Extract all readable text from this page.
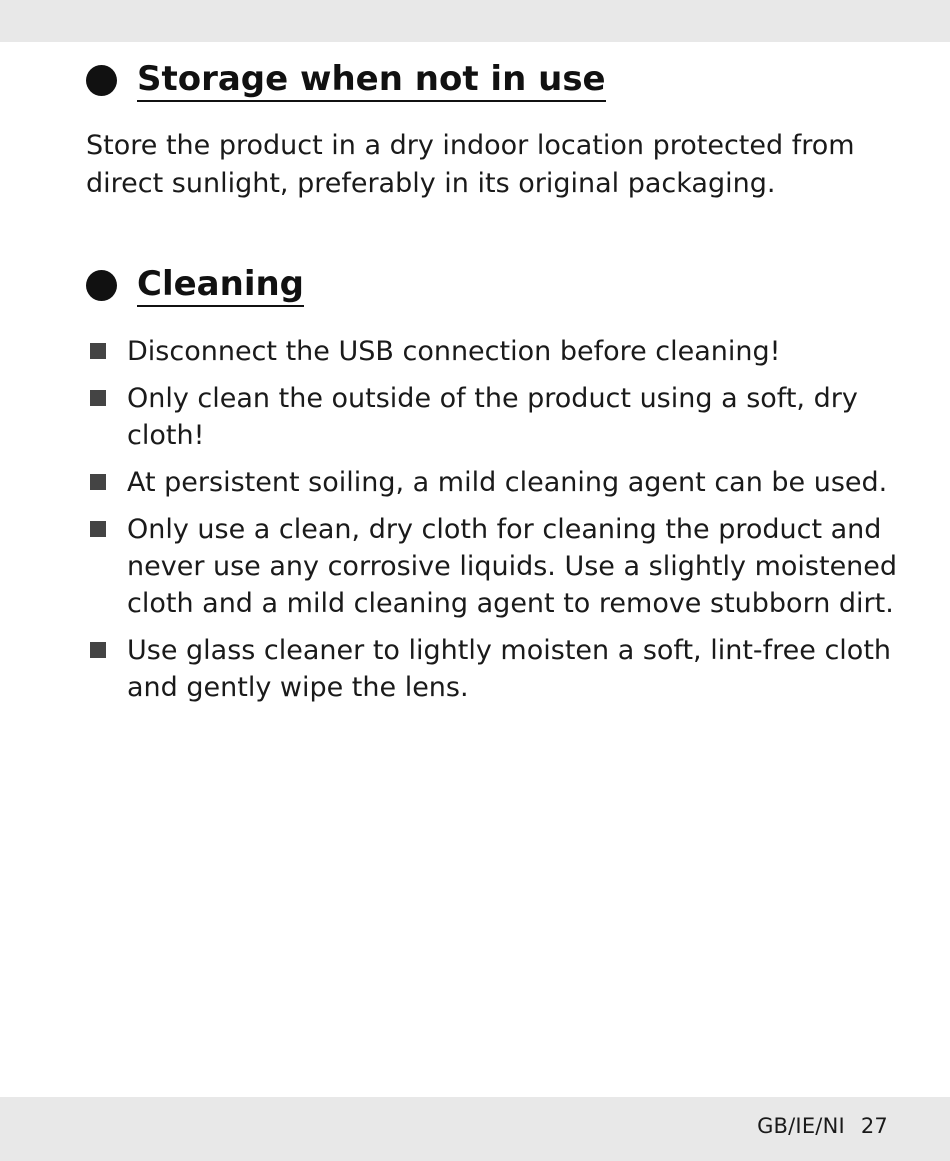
Storage when not in use
Store the product in a dry indoor location protected from direct sunlight, preferably in its original packaging.
Cleaning
Disconnect the USB connection before cleaning!
Only clean the outside of the product using a soft, dry cloth!
At persistent soiling, a mild cleaning agent can be used.
Only use a clean, dry cloth for cleaning the product and never use any corrosive liquids. Use a slightly moistened cloth and a mild cleaning agent to remove stubborn dirt.
Use glass cleaner to lightly moisten a soft, lint-free cloth and gently wipe the lens.
GB/IE/NI 27
